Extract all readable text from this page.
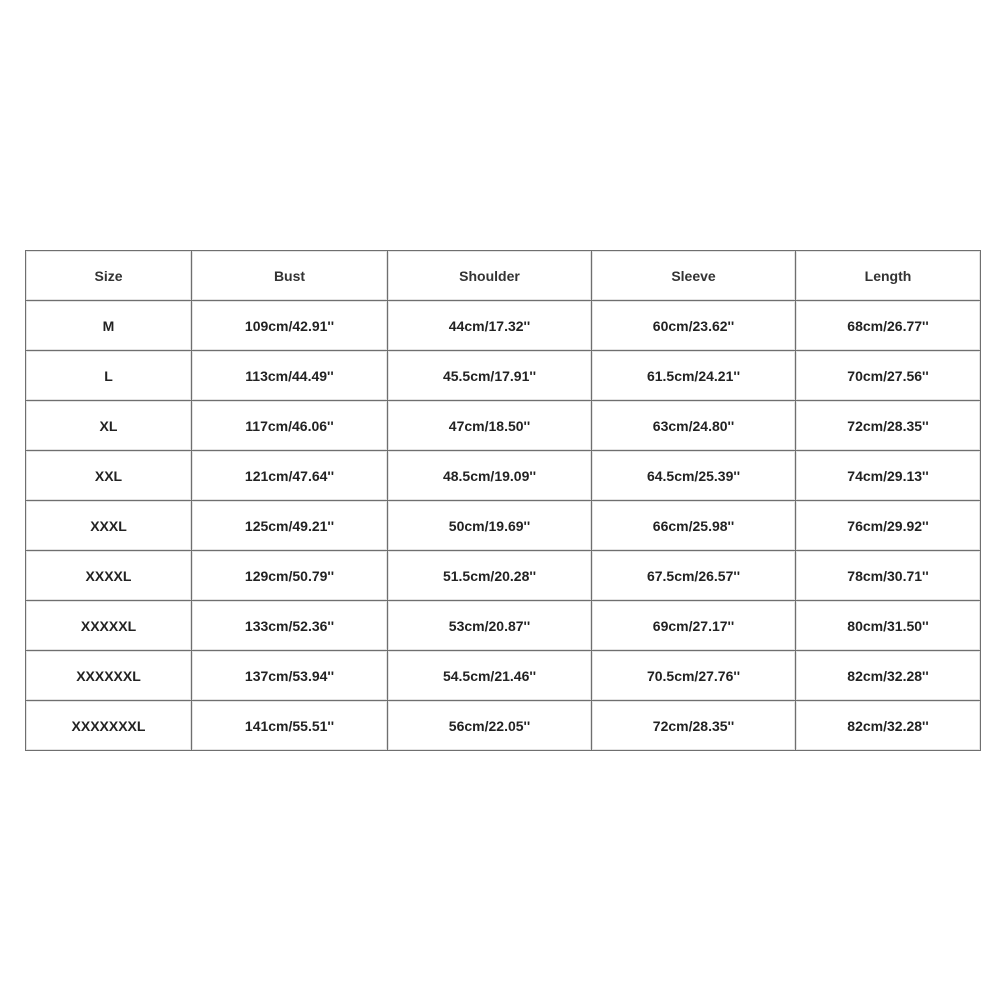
Size	Bust	Shoulder	Sleeve	Length
M	109cm/42.91''	44cm/17.32''	60cm/23.62''	68cm/26.77''
L	113cm/44.49''	45.5cm/17.91''	61.5cm/24.21''	70cm/27.56''
XL	117cm/46.06''	47cm/18.50''	63cm/24.80''	72cm/28.35''
XXL	121cm/47.64''	48.5cm/19.09''	64.5cm/25.39''	74cm/29.13''
XXXL	125cm/49.21''	50cm/19.69''	66cm/25.98''	76cm/29.92''
XXXXL	129cm/50.79''	51.5cm/20.28''	67.5cm/26.57''	78cm/30.71''
XXXXXL	133cm/52.36''	53cm/20.87''	69cm/27.17''	80cm/31.50''
XXXXXXL	137cm/53.94''	54.5cm/21.46''	70.5cm/27.76''	82cm/32.28''
XXXXXXXL	141cm/55.51''	56cm/22.05''	72cm/28.35''	82cm/32.28''
